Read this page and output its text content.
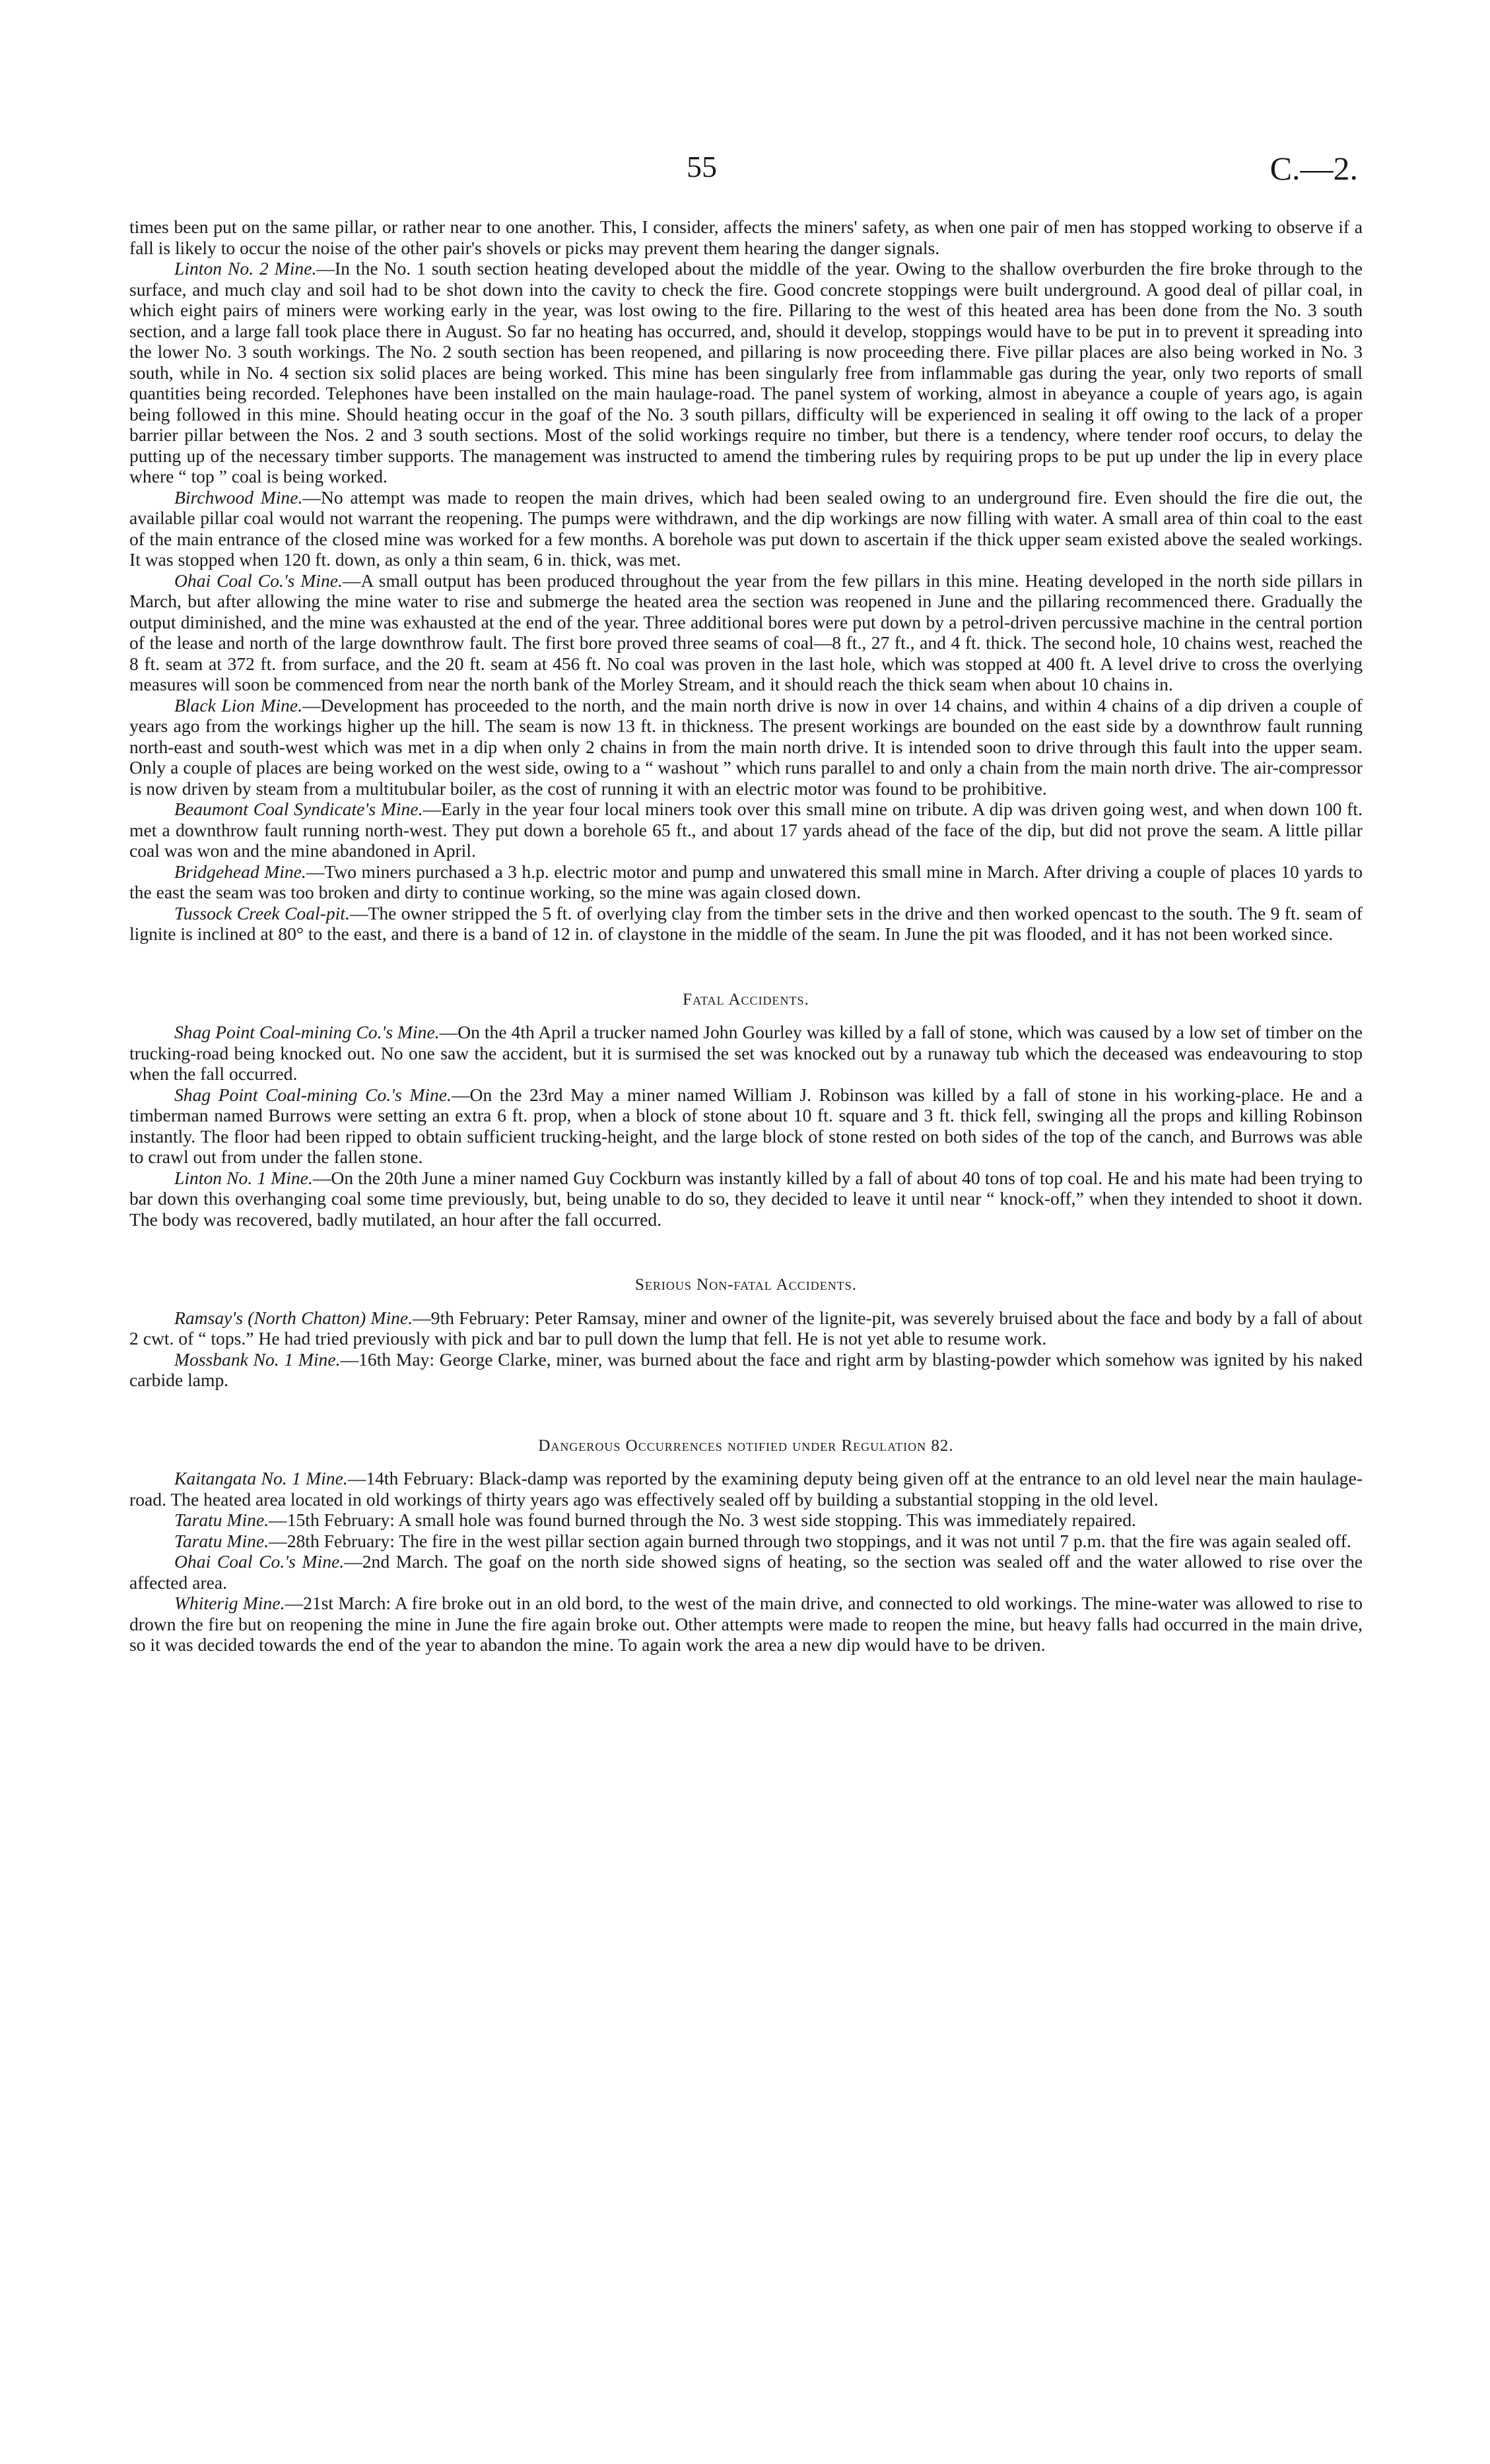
55	C.—2.

times been put on the same pillar, or rather near to one another. This, I consider, affects the miners' safety, as when one pair of men has stopped working to observe if a fall is likely to occur the noise of the other pair's shovels or picks may prevent them hearing the danger signals.

Linton No. 2 Mine.—In the No. 1 south section heating developed about the middle of the year. Owing to the shallow overburden the fire broke through to the surface, and much clay and soil had to be shot down into the cavity to check the fire. Good concrete stoppings were built underground. A good deal of pillar coal, in which eight pairs of miners were working early in the year, was lost owing to the fire. Pillaring to the west of this heated area has been done from the No. 3 south section, and a large fall took place there in August. So far no heating has occurred, and, should it develop, stoppings would have to be put in to prevent it spreading into the lower No. 3 south workings. The No. 2 south section has been reopened, and pillaring is now proceeding there. Five pillar places are also being worked in No. 3 south, while in No. 4 section six solid places are being worked. This mine has been singularly free from inflammable gas during the year, only two reports of small quantities being recorded. Telephones have been installed on the main haulage-road. The panel system of working, almost in abeyance a couple of years ago, is again being followed in this mine. Should heating occur in the goaf of the No. 3 south pillars, difficulty will be experienced in sealing it off owing to the lack of a proper barrier pillar between the Nos. 2 and 3 south sections. Most of the solid workings require no timber, but there is a tendency, where tender roof occurs, to delay the putting up of the necessary timber supports. The management was instructed to amend the timbering rules by requiring props to be put up under the lip in every place where “ top ” coal is being worked.

Birchwood Mine.—No attempt was made to reopen the main drives, which had been sealed owing to an underground fire. Even should the fire die out, the available pillar coal would not warrant the reopening. The pumps were withdrawn, and the dip workings are now filling with water. A small area of thin coal to the east of the main entrance of the closed mine was worked for a few months. A borehole was put down to ascertain if the thick upper seam existed above the sealed workings. It was stopped when 120 ft. down, as only a thin seam, 6 in. thick, was met.

Ohai Coal Co.'s Mine.—A small output has been produced throughout the year from the few pillars in this mine. Heating developed in the north side pillars in March, but after allowing the mine water to rise and submerge the heated area the section was reopened in June and the pillaring recommenced there. Gradually the output diminished, and the mine was exhausted at the end of the year. Three additional bores were put down by a petrol-driven percussive machine in the central portion of the lease and north of the large downthrow fault. The first bore proved three seams of coal—8 ft., 27 ft., and 4 ft. thick. The second hole, 10 chains west, reached the 8 ft. seam at 372 ft. from surface, and the 20 ft. seam at 456 ft. No coal was proven in the last hole, which was stopped at 400 ft. A level drive to cross the overlying measures will soon be commenced from near the north bank of the Morley Stream, and it should reach the thick seam when about 10 chains in.

Black Lion Mine.—Development has proceeded to the north, and the main north drive is now in over 14 chains, and within 4 chains of a dip driven a couple of years ago from the workings higher up the hill. The seam is now 13 ft. in thickness. The present workings are bounded on the east side by a downthrow fault running north-east and south-west which was met in a dip when only 2 chains in from the main north drive. It is intended soon to drive through this fault into the upper seam. Only a couple of places are being worked on the west side, owing to a “ washout ” which runs parallel to and only a chain from the main north drive. The air-compressor is now driven by steam from a multitubular boiler, as the cost of running it with an electric motor was found to be prohibitive.

Beaumont Coal Syndicate's Mine.—Early in the year four local miners took over this small mine on tribute. A dip was driven going west, and when down 100 ft. met a downthrow fault running north-west. They put down a borehole 65 ft., and about 17 yards ahead of the face of the dip, but did not prove the seam. A little pillar coal was won and the mine abandoned in April.

Bridgehead Mine.—Two miners purchased a 3 h.p. electric motor and pump and unwatered this small mine in March. After driving a couple of places 10 yards to the east the seam was too broken and dirty to continue working, so the mine was again closed down.

Tussock Creek Coal-pit.—The owner stripped the 5 ft. of overlying clay from the timber sets in the drive and then worked opencast to the south. The 9 ft. seam of lignite is inclined at 80° to the east, and there is a band of 12 in. of claystone in the middle of the seam. In June the pit was flooded, and it has not been worked since.

Fatal Accidents.

Shag Point Coal-mining Co.'s Mine.—On the 4th April a trucker named John Gourley was killed by a fall of stone, which was caused by a low set of timber on the trucking-road being knocked out. No one saw the accident, but it is surmised the set was knocked out by a runaway tub which the deceased was endeavouring to stop when the fall occurred.

Shag Point Coal-mining Co.'s Mine.—On the 23rd May a miner named William J. Robinson was killed by a fall of stone in his working-place. He and a timberman named Burrows were setting an extra 6 ft. prop, when a block of stone about 10 ft. square and 3 ft. thick fell, swinging all the props and killing Robinson instantly. The floor had been ripped to obtain sufficient trucking-height, and the large block of stone rested on both sides of the top of the canch, and Burrows was able to crawl out from under the fallen stone.

Linton No. 1 Mine.—On the 20th June a miner named Guy Cockburn was instantly killed by a fall of about 40 tons of top coal. He and his mate had been trying to bar down this overhanging coal some time previously, but, being unable to do so, they decided to leave it until near “ knock-off,” when they intended to shoot it down. The body was recovered, badly mutilated, an hour after the fall occurred.

Serious Non-fatal Accidents.

Ramsay's (North Chatton) Mine.—9th February: Peter Ramsay, miner and owner of the lignite-pit, was severely bruised about the face and body by a fall of about 2 cwt. of “ tops.” He had tried previously with pick and bar to pull down the lump that fell. He is not yet able to resume work.

Mossbank No. 1 Mine.—16th May: George Clarke, miner, was burned about the face and right arm by blasting-powder which somehow was ignited by his naked carbide lamp.

Dangerous Occurrences notified under Regulation 82.

Kaitangata No. 1 Mine.—14th February: Black-damp was reported by the examining deputy being given off at the entrance to an old level near the main haulage-road. The heated area located in old workings of thirty years ago was effectively sealed off by building a substantial stopping in the old level.

Taratu Mine.—15th February: A small hole was found burned through the No. 3 west side stopping. This was immediately repaired.

Taratu Mine.—28th February: The fire in the west pillar section again burned through two stoppings, and it was not until 7 p.m. that the fire was again sealed off.

Ohai Coal Co.'s Mine.—2nd March. The goaf on the north side showed signs of heating, so the section was sealed off and the water allowed to rise over the affected area.

Whiterig Mine.—21st March: A fire broke out in an old bord, to the west of the main drive, and connected to old workings. The mine-water was allowed to rise to drown the fire but on reopening the mine in June the fire again broke out. Other attempts were made to reopen the mine, but heavy falls had occurred in the main drive, so it was decided towards the end of the year to abandon the mine. To again work the area a new dip would have to be driven.
